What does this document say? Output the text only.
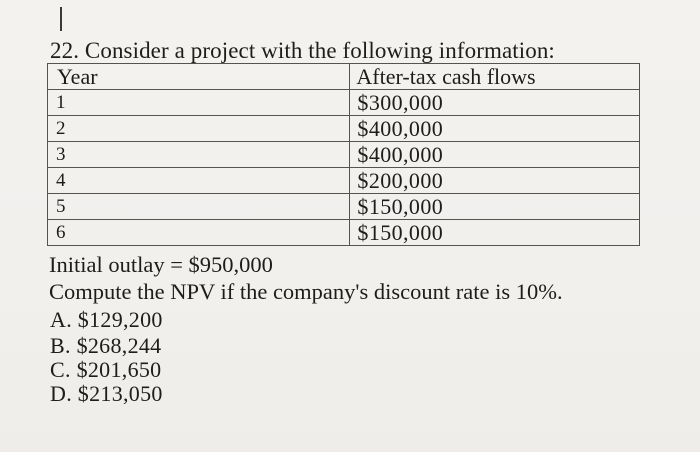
22. Consider a project with the following information:
Year	After-tax cash flows
1	$300,000
2	$400,000
3	$400,000
4	$200,000
5	$150,000
6	$150,000
Initial outlay = $950,000
Compute the NPV if the company's discount rate is 10%.
A. $129,200
B. $268,244
C. $201,650
D. $213,050
